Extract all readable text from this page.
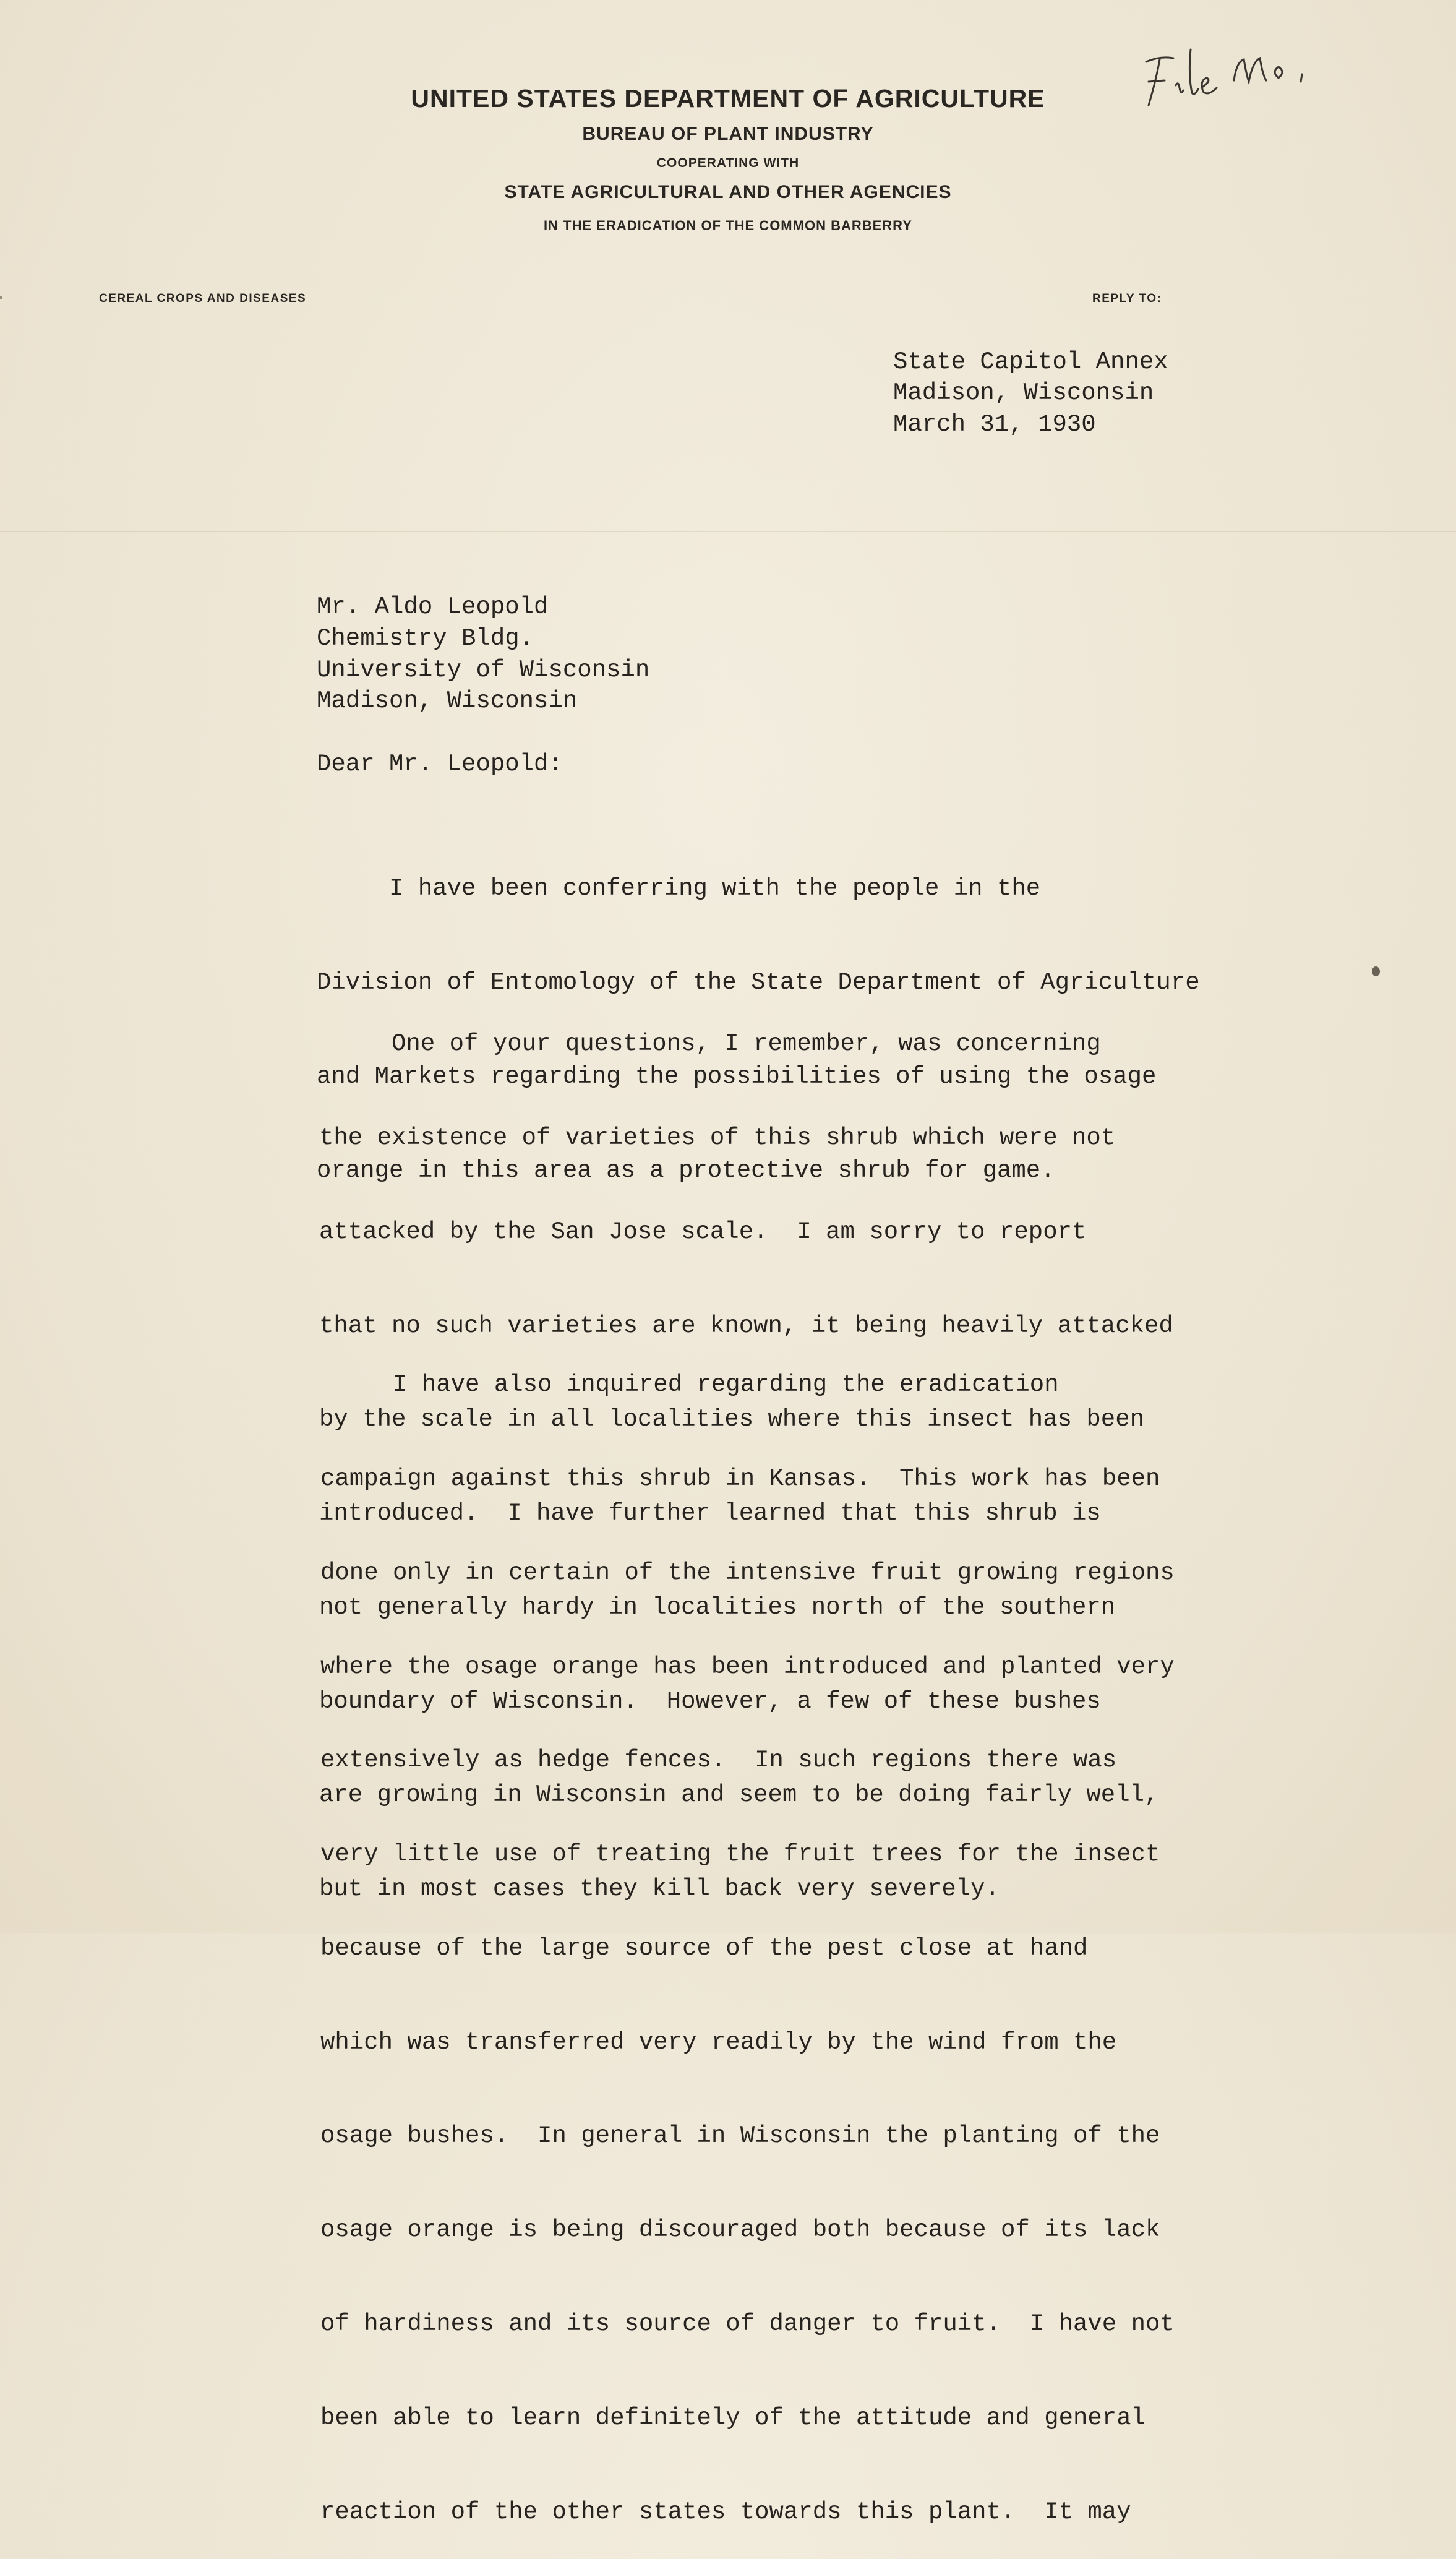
UNITED STATES DEPARTMENT OF AGRICULTURE
BUREAU OF PLANT INDUSTRY
COOPERATING WITH
STATE AGRICULTURAL AND OTHER AGENCIES
IN THE ERADICATION OF THE COMMON BARBERRY
CEREAL CROPS AND DISEASES	REPLY TO:
State Capitol Annex
Madison, Wisconsin
March 31, 1930
Mr. Aldo Leopold
Chemistry Bldg.
University of Wisconsin
Madison, Wisconsin
Dear Mr. Leopold:

I have been conferring with the people in the

Division of Entomology of the State Department of Agriculture

and Markets regarding the possibilities of using the osage

orange in this area as a protective shrub for game.

One of your questions, I remember, was concerning

the existence of varieties of this shrub which were not

attacked by the San Jose scale.  I am sorry to report

that no such varieties are known, it being heavily attacked

by the scale in all localities where this insect has been

introduced.  I have further learned that this shrub is

not generally hardy in localities north of the southern

boundary of Wisconsin.  However, a few of these bushes

are growing in Wisconsin and seem to be doing fairly well,

but in most cases they kill back very severely.

I have also inquired regarding the eradication

campaign against this shrub in Kansas.  This work has been

done only in certain of the intensive fruit growing regions

where the osage orange has been introduced and planted very

extensively as hedge fences.  In such regions there was

very little use of treating the fruit trees for the insect

because of the large source of the pest close at hand

which was transferred very readily by the wind from the

osage bushes.  In general in Wisconsin the planting of the

osage orange is being discouraged both because of its lack

of hardiness and its source of danger to fruit.  I have not

been able to learn definitely of the attitude and general

reaction of the other states towards this plant.  It may
